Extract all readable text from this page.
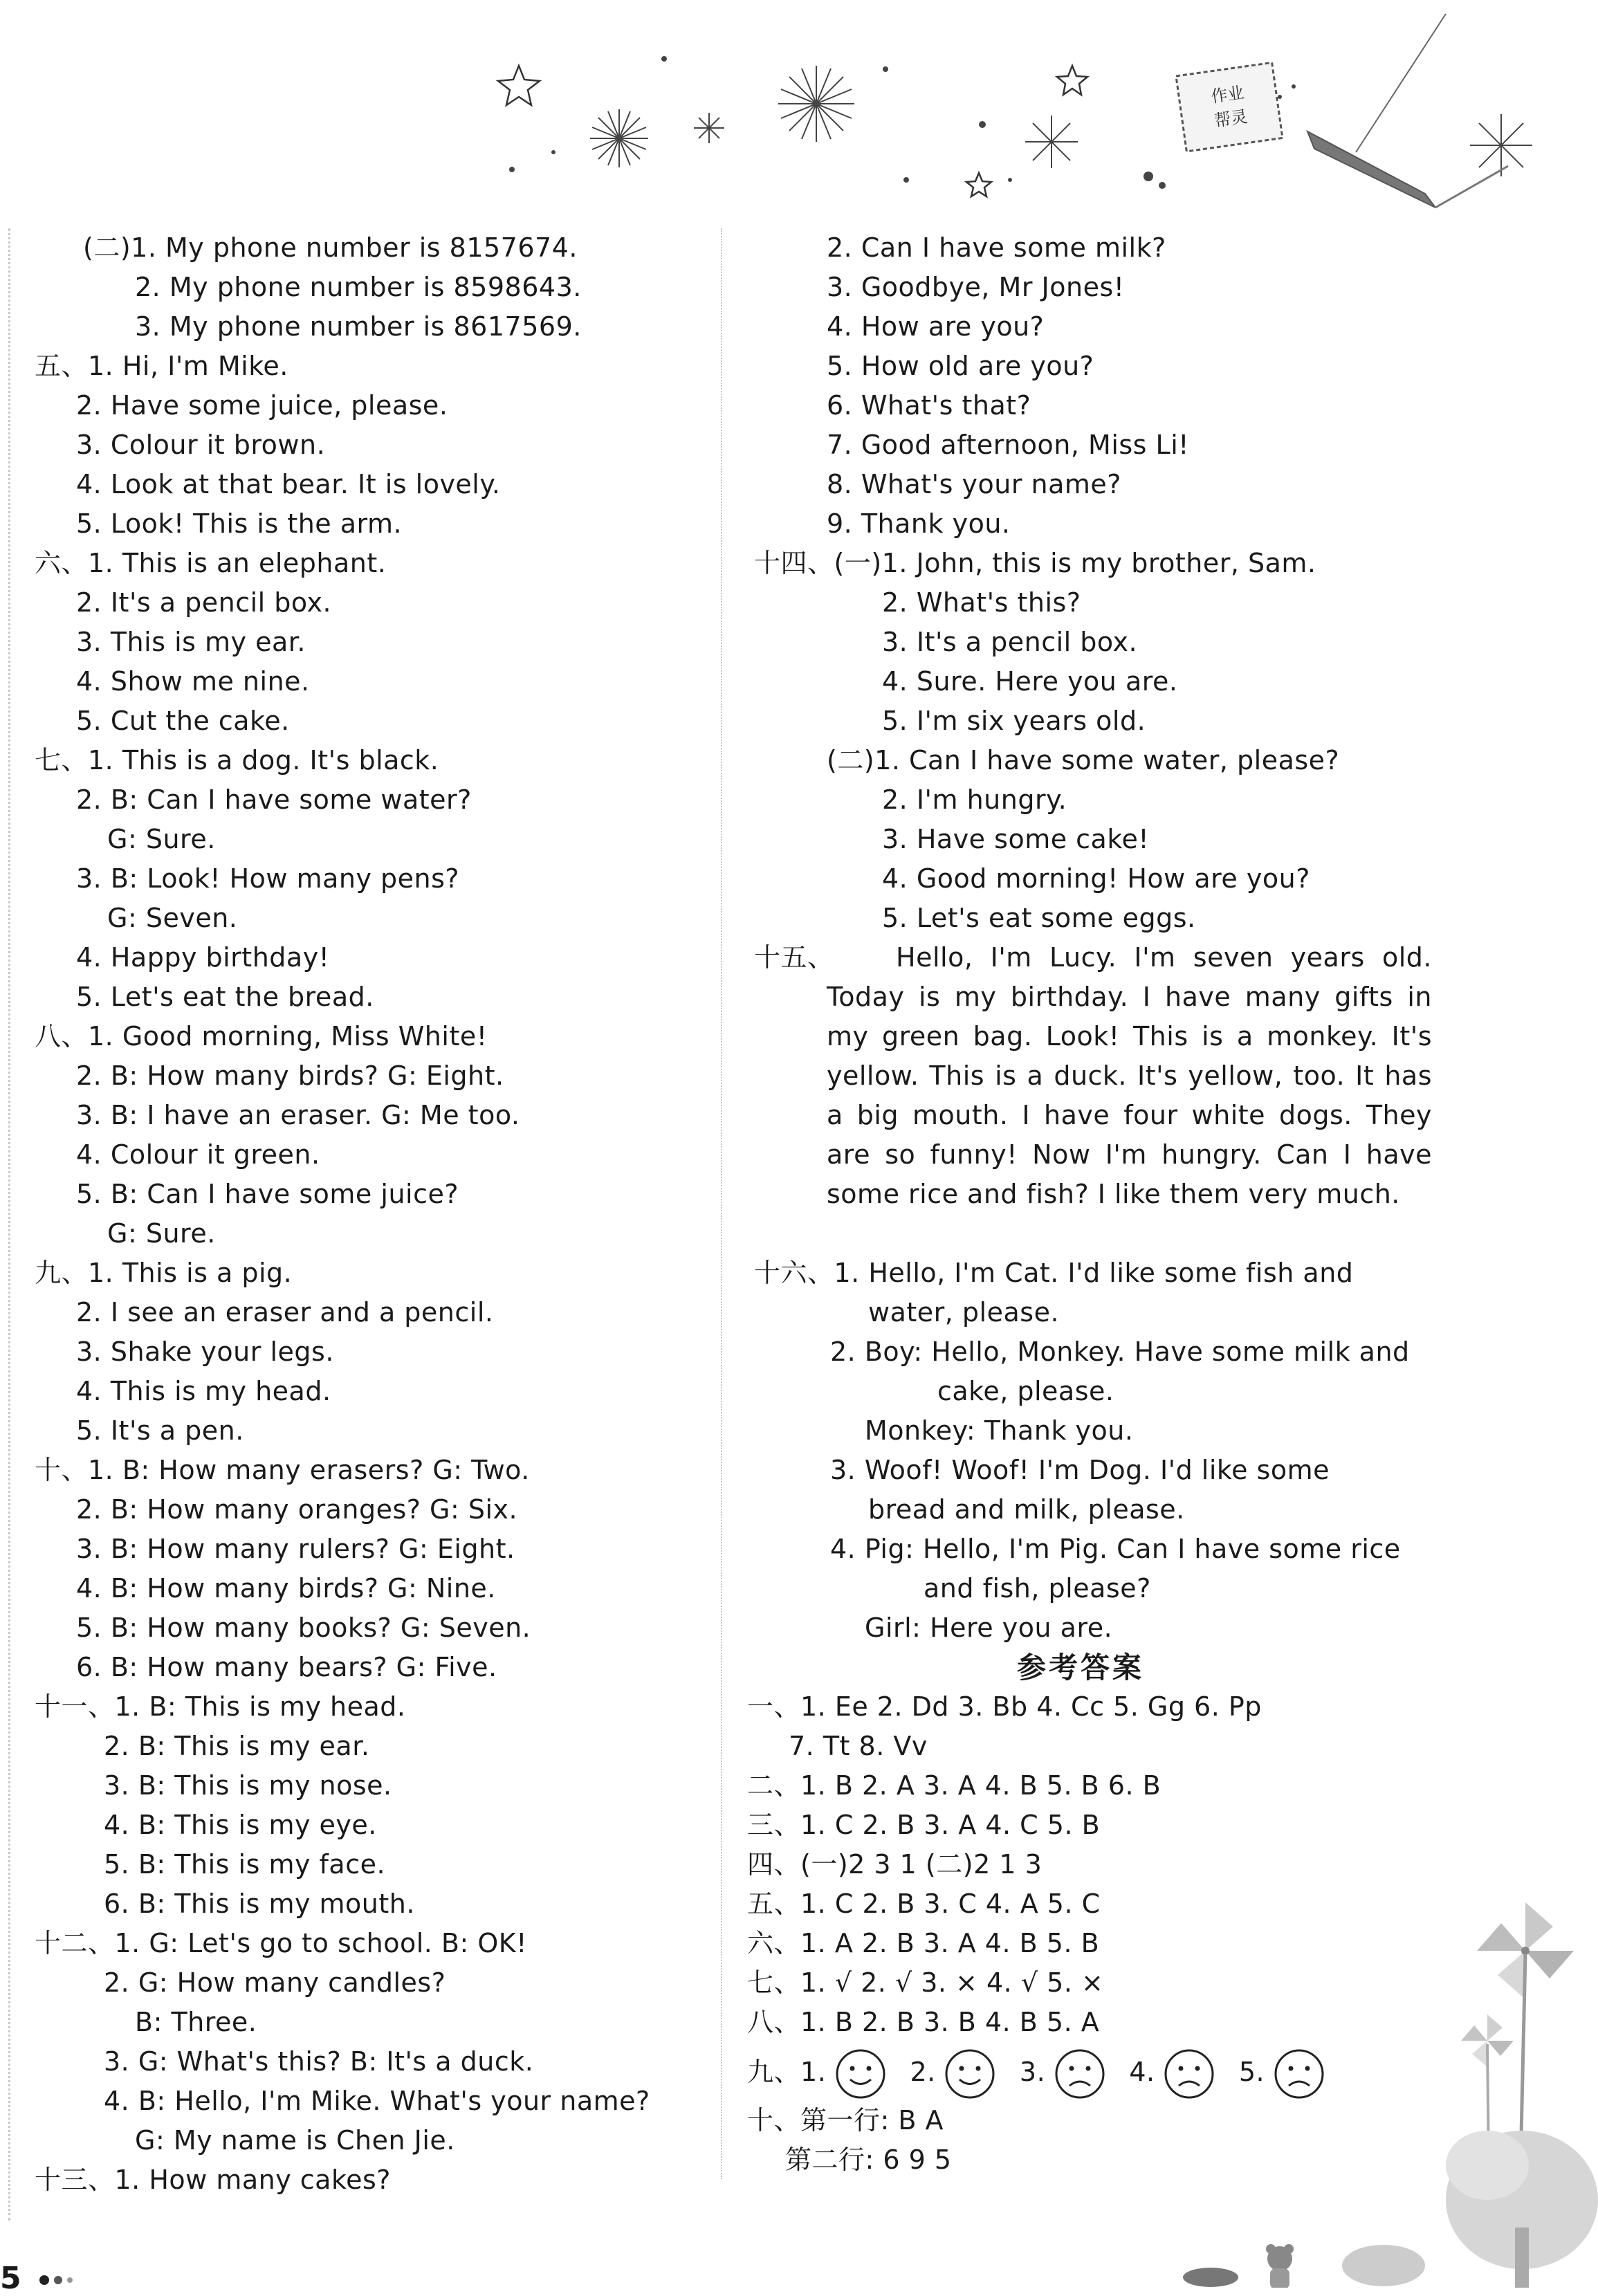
作业
帮灵
(二)1. My phone number is 8157674.
2. My phone number is 8598643.
3. My phone number is 8617569.
五、1. Hi, I'm Mike.
2. Have some juice, please.
3. Colour it brown.
4. Look at that bear. It is lovely.
5. Look! This is the arm.
六、1. This is an elephant.
2. It's a pencil box.
3. This is my ear.
4. Show me nine.
5. Cut the cake.
七、1. This is a dog. It's black.
2. B: Can I have some water?
G: Sure.
3. B: Look! How many pens?
G: Seven.
4. Happy birthday!
5. Let's eat the bread.
八、1. Good morning, Miss White!
2. B: How many birds? G: Eight.
3. B: I have an eraser. G: Me too.
4. Colour it green.
5. B: Can I have some juice?
G: Sure.
九、1. This is a pig.
2. I see an eraser and a pencil.
3. Shake your legs.
4. This is my head.
5. It's a pen.
十、1. B: How many erasers? G: Two.
2. B: How many oranges? G: Six.
3. B: How many rulers? G: Eight.
4. B: How many birds? G: Nine.
5. B: How many books? G: Seven.
6. B: How many bears? G: Five.
十一、1. B: This is my head.
2. B: This is my ear.
3. B: This is my nose.
4. B: This is my eye.
5. B: This is my face.
6. B: This is my mouth.
十二、1. G: Let's go to school. B: OK!
2. G: How many candles?
B: Three.
3. G: What's this? B: It's a duck.
4. B: Hello, I'm Mike. What's your name?
G: My name is Chen Jie.
十三、1. How many cakes?
2. Can I have some milk?
3. Goodbye, Mr Jones!
4. How are you?
5. How old are you?
6. What's that?
7. Good afternoon, Miss Li!
8. What's your name?
9. Thank you.
十四、(一)1. John, this is my brother, Sam.
2. What's this?
3. It's a pencil box.
4. Sure. Here you are.
5. I'm six years old.
(二)1. Can I have some water, please?
2. I'm hungry.
3. Have some cake!
4. Good morning! How are you?
5. Let's eat some eggs.
十五、	Hello, I'm Lucy. I'm seven years old. Today is my birthday. I have many gifts in my green bag. Look! This is a monkey. It's yellow. This is a duck. It's yellow, too. It has a big mouth. I have four white dogs. They are so funny! Now I'm hungry. Can I have some rice and fish? I like them very much.
十六、1. Hello, I'm Cat. I'd like some fish and
water, please.
2. Boy: Hello, Monkey. Have some milk and
cake, please.
Monkey: Thank you.
3. Woof! Woof! I'm Dog. I'd like some
bread and milk, please.
4. Pig: Hello, I'm Pig. Can I have some rice
and fish, please?
Girl: Here you are.
参考答案
一、1. Ee 2. Dd 3. Bb 4. Cc 5. Gg 6. Pp
7. Tt 8. Vv
二、1. B 2. A 3. A 4. B 5. B 6. B
三、1. C 2. B 3. A 4. C 5. B
四、(一)2 3 1 (二)2 1 3
五、1. C 2. B 3. C 4. A 5. C
六、1. A 2. B 3. A 4. B 5. B
七、1. √ 2. √ 3. × 4. √ 5. ×
八、1. B 2. B 3. B 4. B 5. A
九、1.	2.	3.	4.	5.
十、第一行: B A
第二行: 6 9 5
5
